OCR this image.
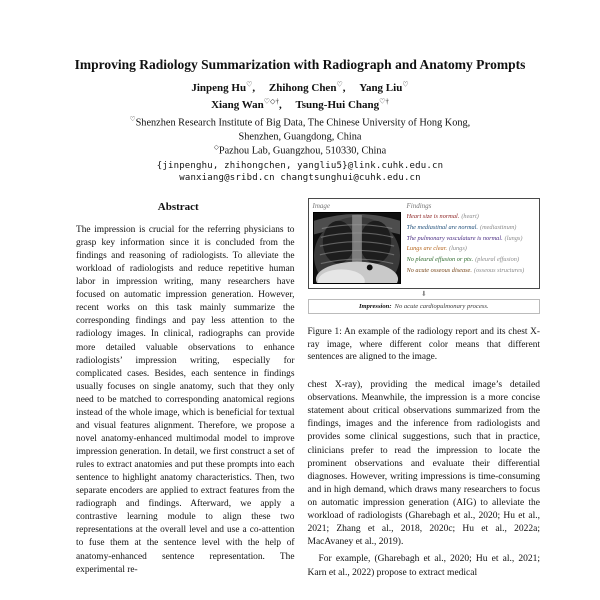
Improving Radiology Summarization with Radiograph and Anatomy Prompts
Jinpeng Hu♡, Zhihong Chen♡, Yang Liu♡
Xiang Wan♡◇†, Tsung-Hui Chang♡†
♡Shenzhen Research Institute of Big Data, The Chinese University of Hong Kong,
Shenzhen, Guangdong, China
◇Pazhou Lab, Guangzhou, 510330, China
{jinpenghu, zhihongchen, yangliu5}@link.cuhk.edu.cn
wanxiang@sribd.cn changtsunghui@cuhk.edu.cn
Abstract
The impression is crucial for the referring physicians to grasp key information since it is concluded from the findings and reasoning of radiologists. To alleviate the workload of radiologists and reduce repetitive human labor in impression writing, many researchers have focused on automatic impression generation. However, recent works on this task mainly summarize the corresponding findings and pay less attention to the radiology images. In clinical, radiographs can provide more detailed valuable observations to enhance radiologists’ impression writing, especially for complicated cases. Besides, each sentence in findings usually focuses on single anatomy, such that they only need to be matched to corresponding anatomical regions instead of the whole image, which is beneficial for textual and visual features alignment. Therefore, we propose a novel anatomy-enhanced multimodal model to improve impression generation. In detail, we first construct a set of rules to extract anatomies and put these prompts into each sentence to highlight anatomy characteristics. Then, two separate encoders are applied to extract features from the radiograph and findings. Afterward, we apply a contrastive learning module to align these two representations at the overall level and use a co-attention to fuse them at the sentence level with the help of anatomy-enhanced sentence representation. The experimental re-
Image	Findings
Heart size is normal. (heart)
The mediastinal are normal. (mediastinum)
The pulmonary vasculature is normal. (lungs)
Lungs are clear. (lungs)
No pleural effusion or ptx. (pleural effusion)
No acute osseous disease. (osseous structures)
⬇
Impression: No acute cardiopulmonary process.
Figure 1: An example of the radiology report and its chest X-ray image, where different color means that different sentences are aligned to the image.

chest X-ray), providing the medical image’s detailed observations. Meanwhile, the impression is a more concise statement about critical observations summarized from the findings, images and the inference from radiologists and provides some clinical suggestions, such that in practice, clinicians prefer to read the impression to locate the prominent observations and evaluate their differential diagnoses. However, writing impressions is time-consuming and in high demand, which draws many researchers to focus on automatic impression generation (AIG) to alleviate the workload of radiologists (Gharebagh et al., 2020; Hu et al., 2021; Zhang et al., 2018, 2020c; Hu et al., 2022a; MacAvaney et al., 2019).

For example, (Gharebagh et al., 2020; Hu et al., 2021; Karn et al., 2022) propose to extract medical
